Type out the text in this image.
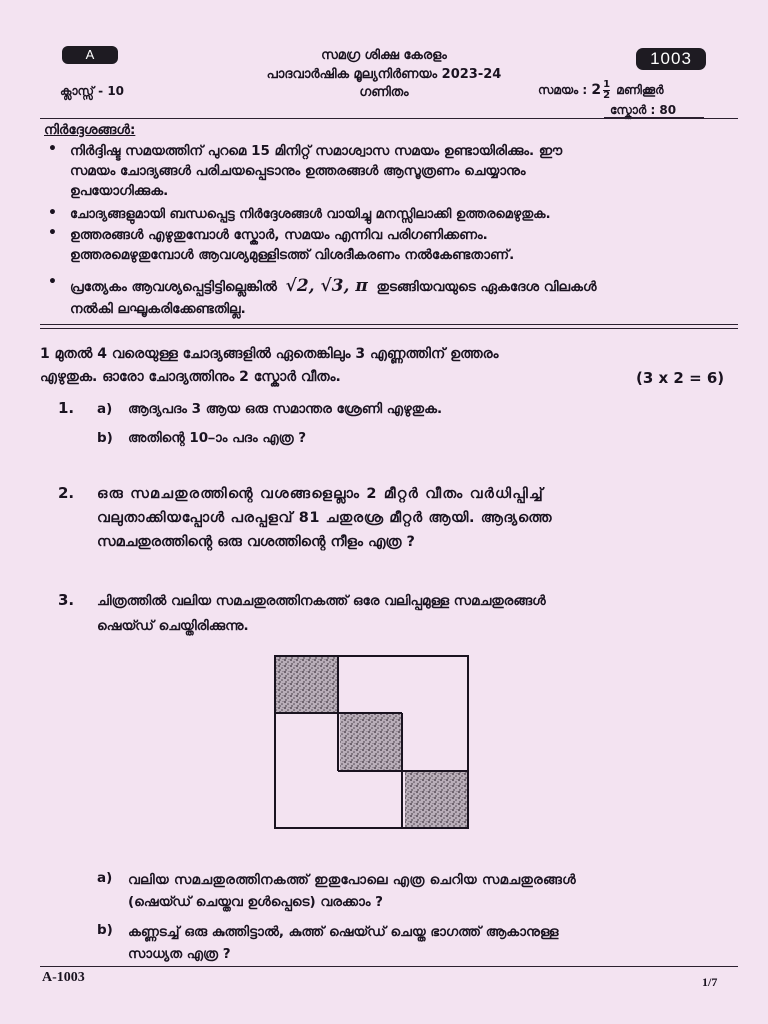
A	1003
സമഗ്ര ശിക്ഷ കേരളം
പാദവാർഷിക മൂല്യനിർണയം 2023-24
ഗണിതം
ക്ലാസ്സ് - 10	സമയം : $2 \frac{1}{2}$ മണിക്കൂർ
സ്കോർ : 80
നിർദ്ദേശങ്ങൾ:
• നിർദ്ദിഷ്ട സമയത്തിന് പുറമെ 15 മിനിറ്റ് സമാശ്വാസ സമയം ഉണ്ടായിരിക്കും. ഈ
സമയം ചോദ്യങ്ങൾ പരിചയപ്പെടാനും ഉത്തരങ്ങൾ ആസൂത്രണം ചെയ്യാനും
ഉപയോഗിക്കുക.
• ചോദ്യങ്ങളുമായി ബന്ധപ്പെട്ട നിർദ്ദേശങ്ങൾ വായിച്ചു മനസ്സിലാക്കി ഉത്തരമെഴുതുക.
• ഉത്തരങ്ങൾ എഴുതുമ്പോൾ സ്കോർ, സമയം എന്നിവ പരിഗണിക്കണം.
ഉത്തരമെഴുതുമ്പോൾ ആവശ്യമുള്ളിടത്ത് വിശദീകരണം നൽകേണ്ടതാണ്.
• പ്രത്യേകം ആവശ്യപ്പെട്ടിട്ടില്ലെങ്കിൽ √2, √3, π തുടങ്ങിയവയുടെ ഏകദേശ വിലകൾ
നൽകി ലഘൂകരിക്കേണ്ടതില്ല.
1 മുതൽ 4 വരെയുള്ള ചോദ്യങ്ങളിൽ ഏതെങ്കിലും 3 എണ്ണത്തിന് ഉത്തരം
എഴുതുക. ഓരോ ചോദ്യത്തിനും 2 സ്കോർ വീതം.	(3 x 2 = 6)
1. a) ആദ്യപദം 3 ആയ ഒരു സമാന്തര ശ്രേണി എഴുതുക.
b) അതിന്റെ 10–ാം പദം എത്ര ?
2. ഒരു സമചതുരത്തിന്റെ വശങ്ങളെല്ലാം 2 മീറ്റർ വീതം വർധിപ്പിച്ച്
വലുതാക്കിയപ്പോൾ പരപ്പളവ് 81 ചതുരശ്ര മീറ്റർ ആയി. ആദ്യത്തെ
സമചതുരത്തിന്റെ ഒരു വശത്തിന്റെ നീളം എത്ര ?
3. ചിത്രത്തിൽ വലിയ സമചതുരത്തിനകത്ത് ഒരേ വലിപ്പമുള്ള സമചതുരങ്ങൾ
ഷെയ്ഡ് ചെയ്തിരിക്കുന്നു.
a) വലിയ സമചതുരത്തിനകത്ത് ഇതുപോലെ എത്ര ചെറിയ സമചതുരങ്ങൾ
(ഷെയ്ഡ് ചെയ്തവ ഉൾപ്പെടെ) വരക്കാം ?
b) കണ്ണടച്ച് ഒരു കുത്തിട്ടാൽ, കുത്ത് ഷെയ്ഡ് ചെയ്ത ഭാഗത്ത് ആകാനുള്ള
സാധ്യത എത്ര ?
A-1003	1/7
